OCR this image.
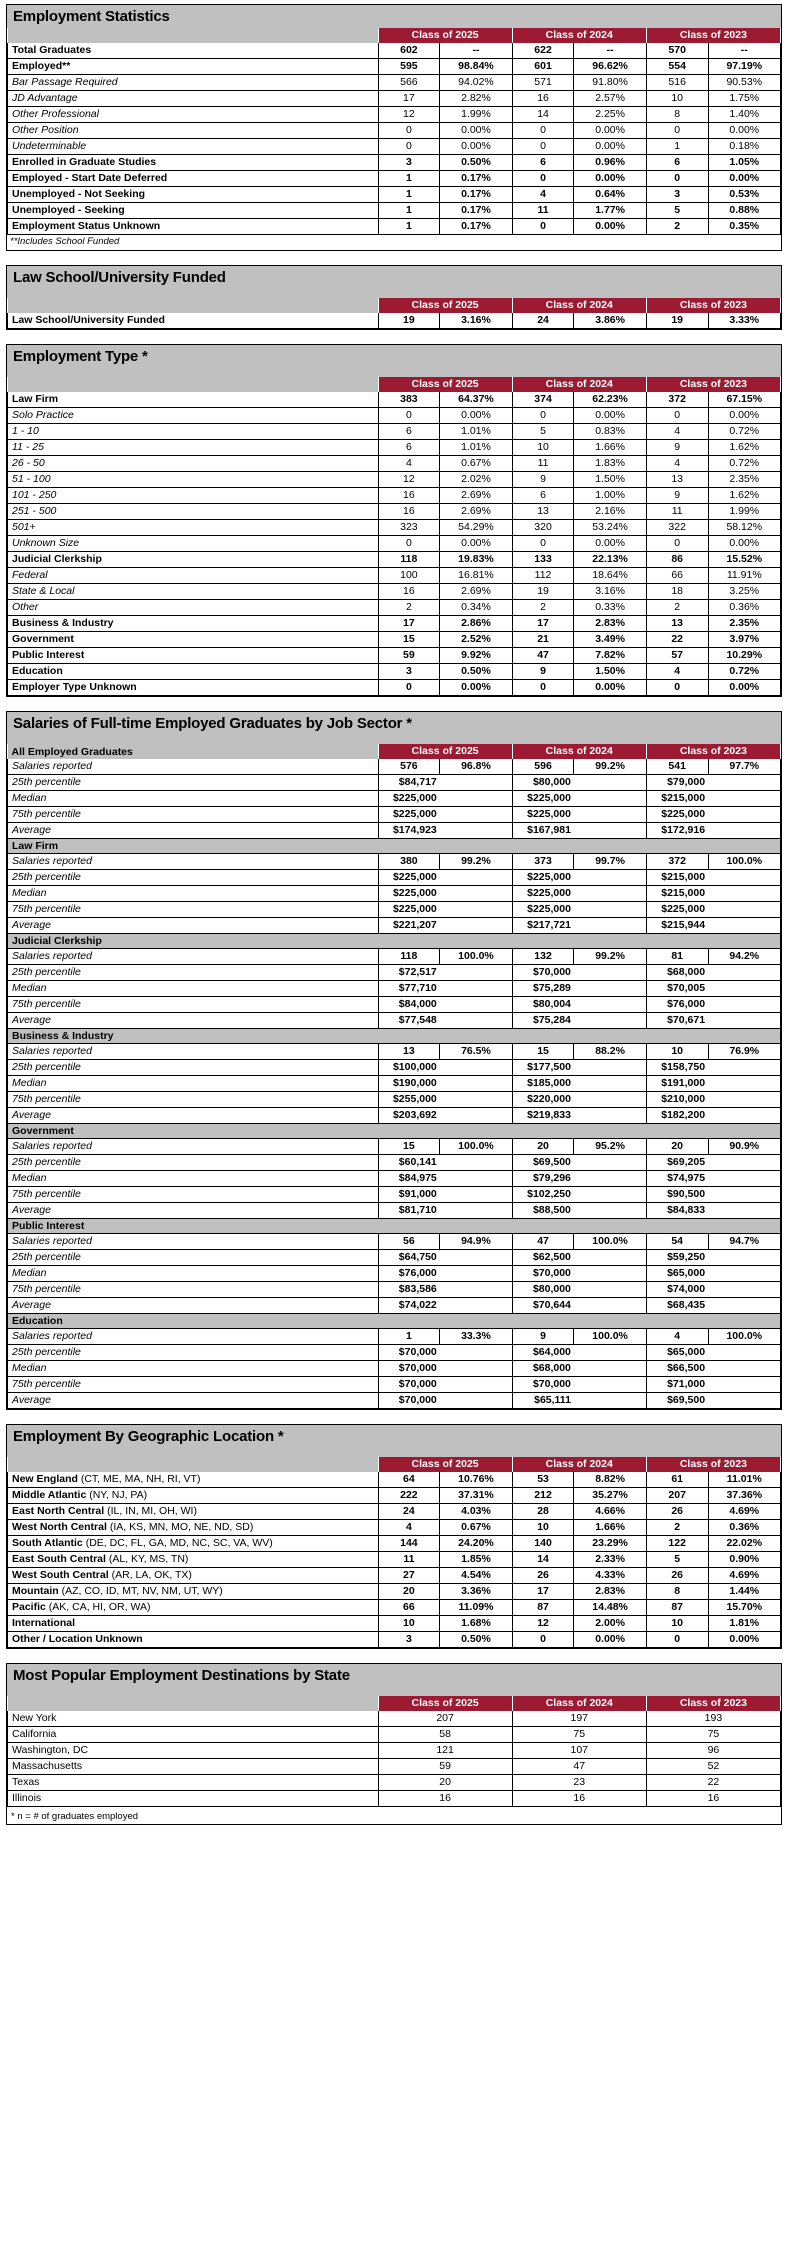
Employment Statistics
	Class of 2025		Class of 2024		Class of 2023	
Total Graduates	602	--	622	--	570	--
Employed**	595	98.84%	601	96.62%	554	97.19%
Bar Passage Required	566	94.02%	571	91.80%	516	90.53%
JD Advantage	17	2.82%	16	2.57%	10	1.75%
Other Professional	12	1.99%	14	2.25%	8	1.40%
Other Position	0	0.00%	0	0.00%	0	0.00%
Undeterminable	0	0.00%	0	0.00%	1	0.18%
Enrolled in Graduate Studies	3	0.50%	6	0.96%	6	1.05%
Employed - Start Date Deferred	1	0.17%	0	0.00%	0	0.00%
Unemployed - Not Seeking	1	0.17%	4	0.64%	3	0.53%
Unemployed - Seeking	1	0.17%	11	1.77%	5	0.88%
Employment Status Unknown	1	0.17%	0	0.00%	2	0.35%
**Includes School Funded
Law School/University Funded
	Class of 2025		Class of 2024		Class of 2023	
Law School/University Funded	19	3.16%	24	3.86%	19	3.33%
Employment Type *
	Class of 2025		Class of 2024		Class of 2023	
Law Firm	383	64.37%	374	62.23%	372	67.15%
Solo Practice	0	0.00%	0	0.00%	0	0.00%
1 - 10	6	1.01%	5	0.83%	4	0.72%
11 - 25	6	1.01%	10	1.66%	9	1.62%
26 - 50	4	0.67%	11	1.83%	4	0.72%
51 - 100	12	2.02%	9	1.50%	13	2.35%
101 - 250	16	2.69%	6	1.00%	9	1.62%
251 - 500	16	2.69%	13	2.16%	11	1.99%
501+	323	54.29%	320	53.24%	322	58.12%
Unknown Size	0	0.00%	0	0.00%	0	0.00%
Judicial Clerkship	118	19.83%	133	22.13%	86	15.52%
Federal	100	16.81%	112	18.64%	66	11.91%
State & Local	16	2.69%	19	3.16%	18	3.25%
Other	2	0.34%	2	0.33%	2	0.36%
Business & Industry	17	2.86%	17	2.83%	13	2.35%
Government	15	2.52%	21	3.49%	22	3.97%
Public Interest	59	9.92%	47	7.82%	57	10.29%
Education	3	0.50%	9	1.50%	4	0.72%
Employer Type Unknown	0	0.00%	0	0.00%	0	0.00%
Salaries of Full-time Employed Graduates by Job Sector *
All Employed Graduates	Class of 2025		Class of 2024		Class of 2023	
Salaries reported	576	96.8%	596	99.2%	541	97.7%
25th percentile	$84,717		$80,000		$79,000	
Median	$225,000		$225,000		$215,000	
75th percentile	$225,000		$225,000		$225,000	
Average	$174,923		$167,981		$172,916	
Law Firm						
Salaries reported	380	99.2%	373	99.7%	372	100.0%
25th percentile	$225,000		$225,000		$215,000	
Median	$225,000		$225,000		$215,000	
75th percentile	$225,000		$225,000		$225,000	
Average	$221,207		$217,721		$215,944	
Judicial Clerkship						
Salaries reported	118	100.0%	132	99.2%	81	94.2%
25th percentile	$72,517		$70,000		$68,000	
Median	$77,710		$75,289		$70,005	
75th percentile	$84,000		$80,004		$76,000	
Average	$77,548		$75,284		$70,671	
Business & Industry						
Salaries reported	13	76.5%	15	88.2%	10	76.9%
25th percentile	$100,000		$177,500		$158,750	
Median	$190,000		$185,000		$191,000	
75th percentile	$255,000		$220,000		$210,000	
Average	$203,692		$219,833		$182,200	
Government						
Salaries reported	15	100.0%	20	95.2%	20	90.9%
25th percentile	$60,141		$69,500		$69,205	
Median	$84,975		$79,296		$74,975	
75th percentile	$91,000		$102,250		$90,500	
Average	$81,710		$88,500		$84,833	
Public Interest						
Salaries reported	56	94.9%	47	100.0%	54	94.7%
25th percentile	$64,750		$62,500		$59,250	
Median	$76,000		$70,000		$65,000	
75th percentile	$83,586		$80,000		$74,000	
Average	$74,022		$70,644		$68,435	
Education						
Salaries reported	1	33.3%	9	100.0%	4	100.0%
25th percentile	$70,000		$64,000		$65,000	
Median	$70,000		$68,000		$66,500	
75th percentile	$70,000		$70,000		$71,000	
Average	$70,000		$65,111		$69,500	
Employment By Geographic Location *
	Class of 2025		Class of 2024		Class of 2023	
New England (CT, ME, MA, NH, RI, VT)	64	10.76%	53	8.82%	61	11.01%
Middle Atlantic (NY, NJ, PA)	222	37.31%	212	35.27%	207	37.36%
East North Central (IL, IN, MI, OH, WI)	24	4.03%	28	4.66%	26	4.69%
West North Central (IA, KS, MN, MO, NE, ND, SD)	4	0.67%	10	1.66%	2	0.36%
South Atlantic (DE, DC, FL, GA, MD, NC, SC, VA, WV)	144	24.20%	140	23.29%	122	22.02%
East South Central (AL, KY, MS, TN)	11	1.85%	14	2.33%	5	0.90%
West South Central (AR, LA, OK, TX)	27	4.54%	26	4.33%	26	4.69%
Mountain (AZ, CO, ID, MT, NV, NM, UT, WY)	20	3.36%	17	2.83%	8	1.44%
Pacific (AK, CA, HI, OR, WA)	66	11.09%	87	14.48%	87	15.70%
International	10	1.68%	12	2.00%	10	1.81%
Other / Location Unknown	3	0.50%	0	0.00%	0	0.00%
Most Popular Employment Destinations by State
	Class of 2025	Class of 2024	Class of 2023
New York	207	197	193
California	58	75	75
Washington, DC	121	107	96
Massachusetts	59	47	52
Texas	20	23	22
Illinois	16	16	16
* n = # of graduates employed
